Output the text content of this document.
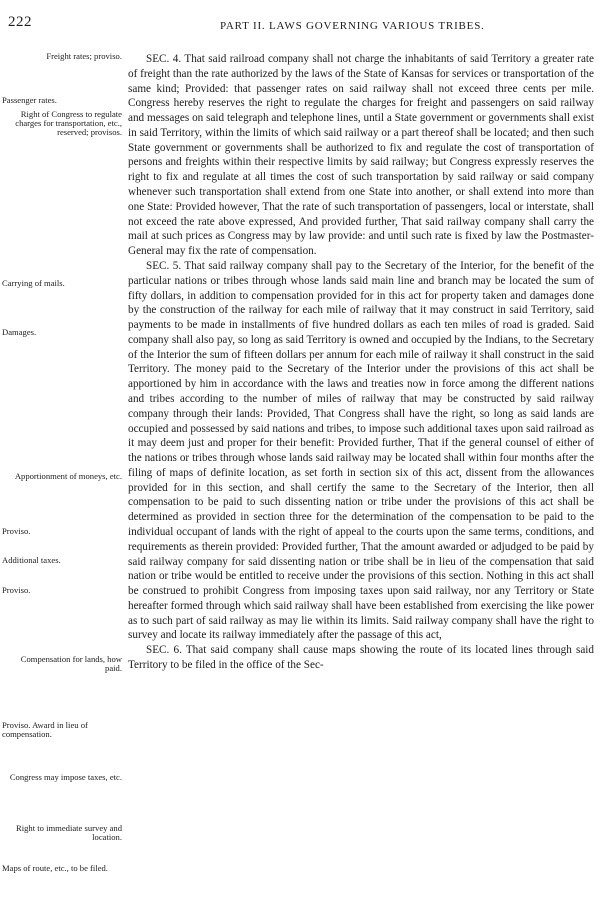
222	PART II. LAWS GOVERNING VARIOUS TRIBES.
Freight rates; proviso.
Passenger rates.
Right of Congress to regulate charges for transportation, etc., reserved; provisos.
Carrying of mails.
Damages.
Apportionment of moneys, etc.
Proviso.
Additional taxes.
Proviso.
Compensation for lands, how paid.
Proviso. Award in lieu of compensation.
Congress may impose taxes, etc.
Right to immediate survey and location.
Maps of route, etc., to be filed.

SEC. 4. That said railroad company shall not charge the inhabitants of said Territory a greater rate of freight than the rate authorized by the laws of the State of Kansas for services or transportation of the same kind; Provided: that passenger rates on said railway shall not exceed three cents per mile. Congress hereby reserves the right to regulate the charges for freight and passengers on said railway and messages on said telegraph and telephone lines, until a State government or governments shall exist in said Territory, within the limits of which said railway or a part thereof shall be located; and then such State government or governments shall be authorized to fix and regulate the cost of transportation of persons and freights within their respective limits by said railway; but Congress expressly reserves the right to fix and regulate at all times the cost of such transportation by said railway or said company whenever such transportation shall extend from one State into another, or shall extend into more than one State: Provided however, That the rate of such transportation of passengers, local or interstate, shall not exceed the rate above expressed, And provided further, That said railway company shall carry the mail at such prices as Congress may by law provide: and until such rate is fixed by law the Postmaster-General may fix the rate of compensation.

SEC. 5. That said railway company shall pay to the Secretary of the Interior, for the benefit of the particular nations or tribes through whose lands said main line and branch may be located the sum of fifty dollars, in addition to compensation provided for in this act for property taken and damages done by the construction of the railway for each mile of railway that it may construct in said Territory, said payments to be made in installments of five hundred dollars as each ten miles of road is graded. Said company shall also pay, so long as said Territory is owned and occupied by the Indians, to the Secretary of the Interior the sum of fifteen dollars per annum for each mile of railway it shall construct in the said Territory. The money paid to the Secretary of the Interior under the provisions of this act shall be apportioned by him in accordance with the laws and treaties now in force among the different nations and tribes according to the number of miles of railway that may be constructed by said railway company through their lands: Provided, That Congress shall have the right, so long as said lands are occupied and possessed by said nations and tribes, to impose such additional taxes upon said railroad as it may deem just and proper for their benefit: Provided further, That if the general counsel of either of the nations or tribes through whose lands said railway may be located shall within four months after the filing of maps of definite location, as set forth in section six of this act, dissent from the allowances provided for in this section, and shall certify the same to the Secretary of the Interior, then all compensation to be paid to such dissenting nation or tribe under the provisions of this act shall be determined as provided in section three for the determination of the compensation to be paid to the individual occupant of lands with the right of appeal to the courts upon the same terms, conditions, and requirements as therein provided: Provided further, That the amount awarded or adjudged to be paid by said railway company for said dissenting nation or tribe shall be in lieu of the compensation that said nation or tribe would be entitled to receive under the provisions of this section. Nothing in this act shall be construed to prohibit Congress from imposing taxes upon said railway, nor any Territory or State hereafter formed through which said railway shall have been established from exercising the like power as to such part of said railway as may lie within its limits. Said railway company shall have the right to survey and locate its railway immediately after the passage of this act,

SEC. 6. That said company shall cause maps showing the route of its located lines through said Territory to be filed in the office of the Sec-
